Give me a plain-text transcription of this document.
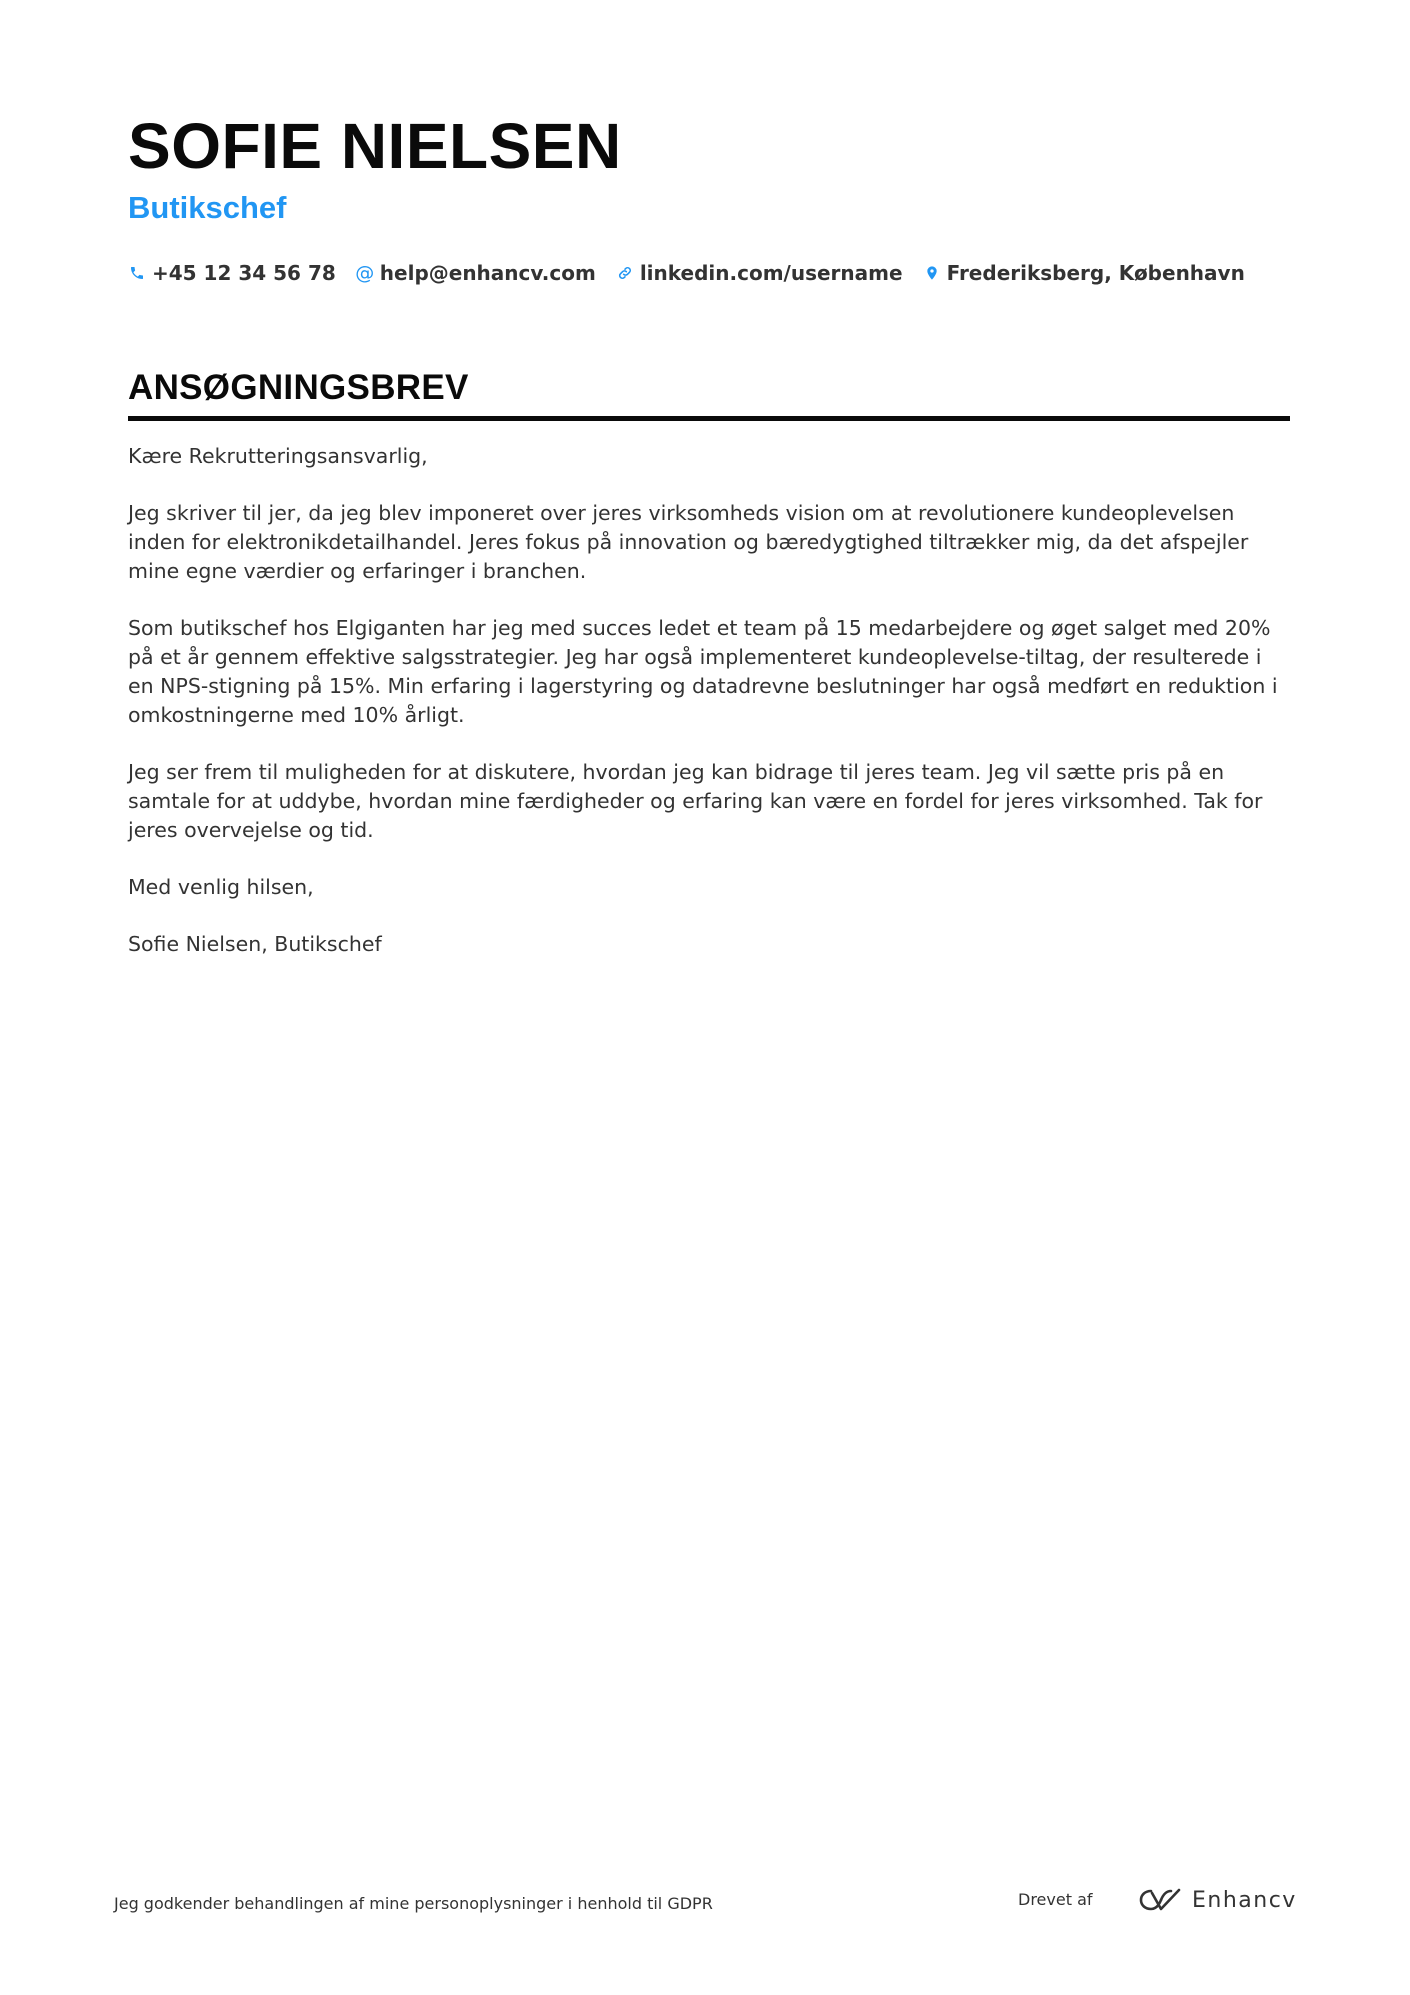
SOFIE NIELSEN
Butikschef
+45 12 34 56 78 @ help@enhancv.com linkedin.com/username Frederiksberg, København
ANSØGNINGSBREV

Kære Rekrutteringsansvarlig,

Jeg skriver til jer, da jeg blev imponeret over jeres virksomheds vision om at revolutionere kundeoplevelsen inden for elektronikdetailhandel. Jeres fokus på innovation og bæredygtighed tiltrækker mig, da det afspejler mine egne værdier og erfaringer i branchen.

Som butikschef hos Elgiganten har jeg med succes ledet et team på 15 medarbejdere og øget salget med 20% på et år gennem effektive salgsstrategier. Jeg har også implementeret kundeoplevelse-tiltag, der resulterede i en NPS-stigning på 15%. Min erfaring i lagerstyring og datadrevne beslutninger har også medført en reduktion i omkostningerne med 10% årligt.

Jeg ser frem til muligheden for at diskutere, hvordan jeg kan bidrage til jeres team. Jeg vil sætte pris på en samtale for at uddybe, hvordan mine færdigheder og erfaring kan være en fordel for jeres virksomhed. Tak for jeres overvejelse og tid.

Med venlig hilsen,

Sofie Nielsen, Butikschef

Jeg godkender behandlingen af mine personoplysninger i henhold til GDPR	Drevet af	Enhancv
